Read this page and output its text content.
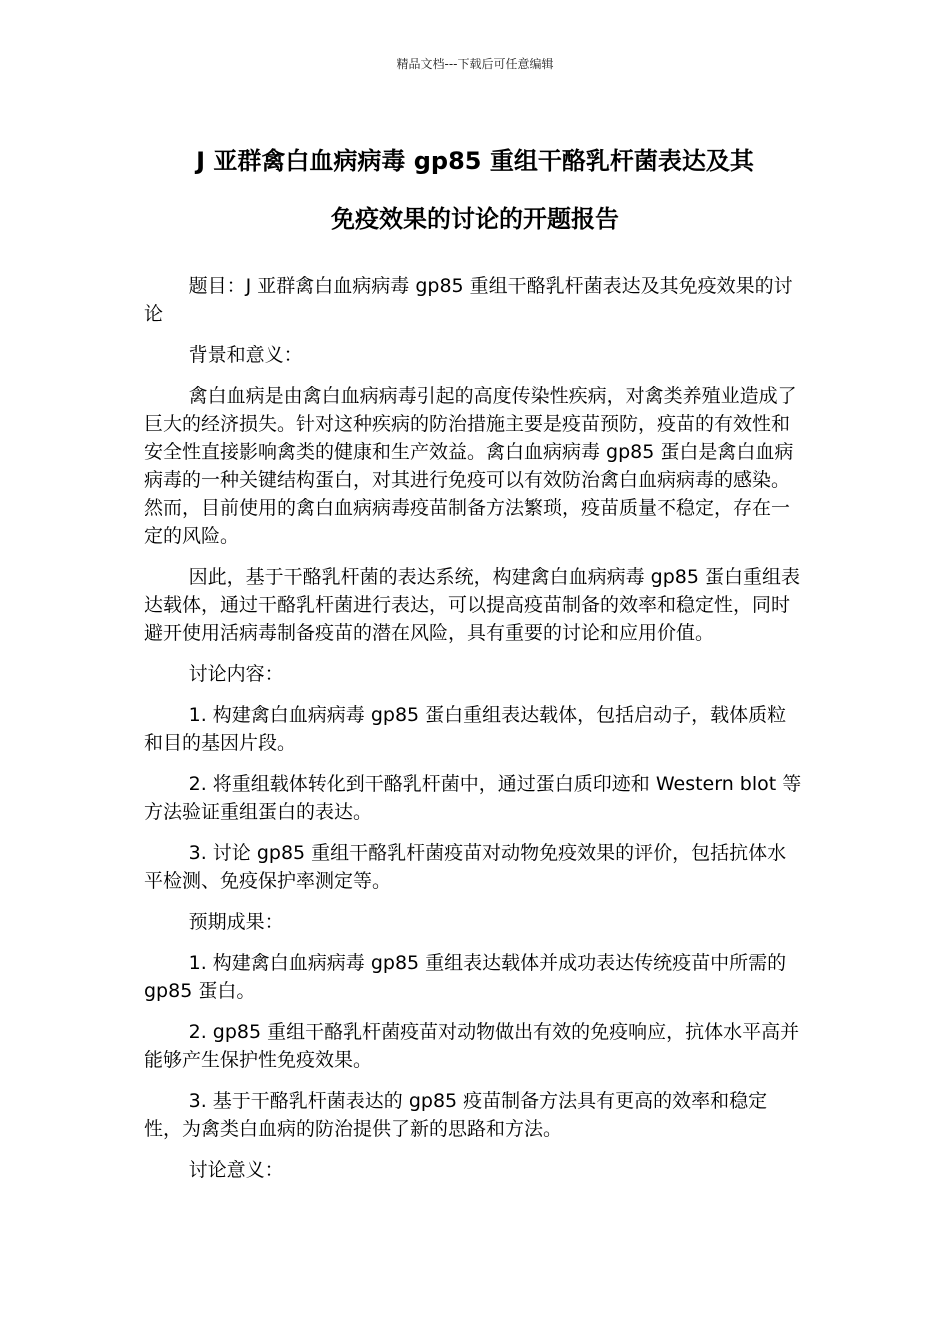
精品文档---下载后可任意编辑
J 亚群禽白血病病毒 gp85 重组干酪乳杆菌表达及其
免疫效果的讨论的开题报告

题目：J 亚群禽白血病病毒 gp85 重组干酪乳杆菌表达及其免疫效果的讨论

背景和意义：

禽白血病是由禽白血病病毒引起的高度传染性疾病，对禽类养殖业造成了巨大的经济损失。针对这种疾病的防治措施主要是疫苗预防，疫苗的有效性和安全性直接影响禽类的健康和生产效益。禽白血病病毒 gp85 蛋白是禽白血病病毒的一种关键结构蛋白，对其进行免疫可以有效防治禽白血病病毒的感染。然而，目前使用的禽白血病病毒疫苗制备方法繁琐，疫苗质量不稳定，存在一定的风险。

因此，基于干酪乳杆菌的表达系统，构建禽白血病病毒 gp85 蛋白重组表达载体，通过干酪乳杆菌进行表达，可以提高疫苗制备的效率和稳定性，同时避开使用活病毒制备疫苗的潜在风险，具有重要的讨论和应用价值。

讨论内容：

1. 构建禽白血病病毒 gp85 蛋白重组表达载体，包括启动子，载体质粒和目的基因片段。

2. 将重组载体转化到干酪乳杆菌中，通过蛋白质印迹和 Western blot 等方法验证重组蛋白的表达。

3. 讨论 gp85 重组干酪乳杆菌疫苗对动物免疫效果的评价，包括抗体水平检测、免疫保护率测定等。

预期成果：

1. 构建禽白血病病毒 gp85 重组表达载体并成功表达传统疫苗中所需的 gp85 蛋白。

2. gp85 重组干酪乳杆菌疫苗对动物做出有效的免疫响应，抗体水平高并能够产生保护性免疫效果。

3. 基于干酪乳杆菌表达的 gp85 疫苗制备方法具有更高的效率和稳定性，为禽类白血病的防治提供了新的思路和方法。

讨论意义：
